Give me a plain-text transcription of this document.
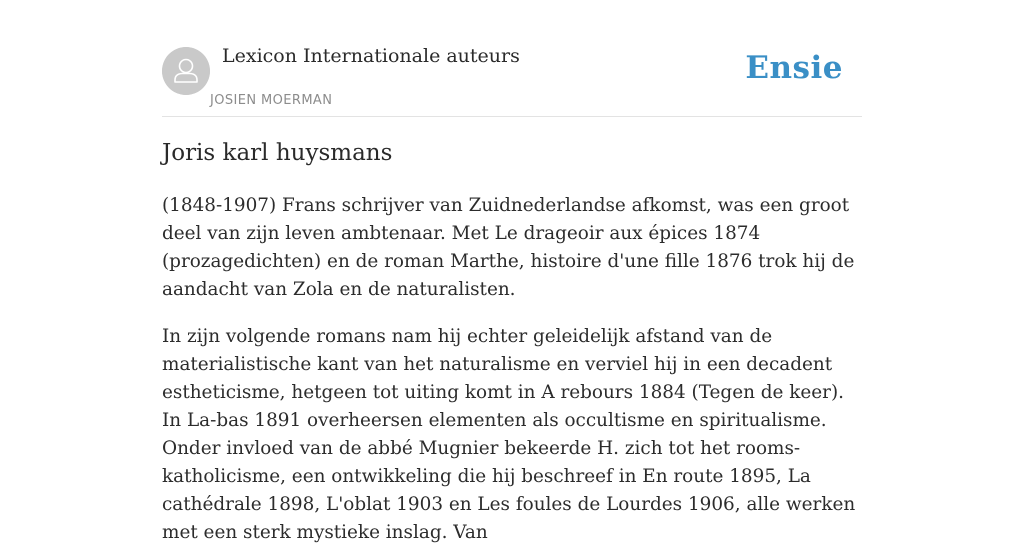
Lexicon Internationale auteurs
JOSIEN MOERMAN
Ensie
Joris karl huysmans

(1848-1907) Frans schrijver van Zuidnederlandse afkomst, was een groot deel van zijn leven ambtenaar. Met Le drageoir aux épices 1874 (prozagedichten) en de roman Marthe, histoire d'une fille 1876 trok hij de aandacht van Zola en de naturalisten.

In zijn volgende romans nam hij echter geleidelijk afstand van de materialistische kant van het naturalisme en verviel hij in een decadent estheticisme, hetgeen tot uiting komt in A rebours 1884 (Tegen de keer). In La-bas 1891 overheersen elementen als occultisme en spiritualisme. Onder invloed van de abbé Mugnier bekeerde H. zich tot het rooms-katholicisme, een ontwikkeling die hij beschreef in En route 1895, La cathédrale 1898, L'oblat 1903 en Les foules de Lourdes 1906, alle werken met een sterk mystieke inslag. Van
